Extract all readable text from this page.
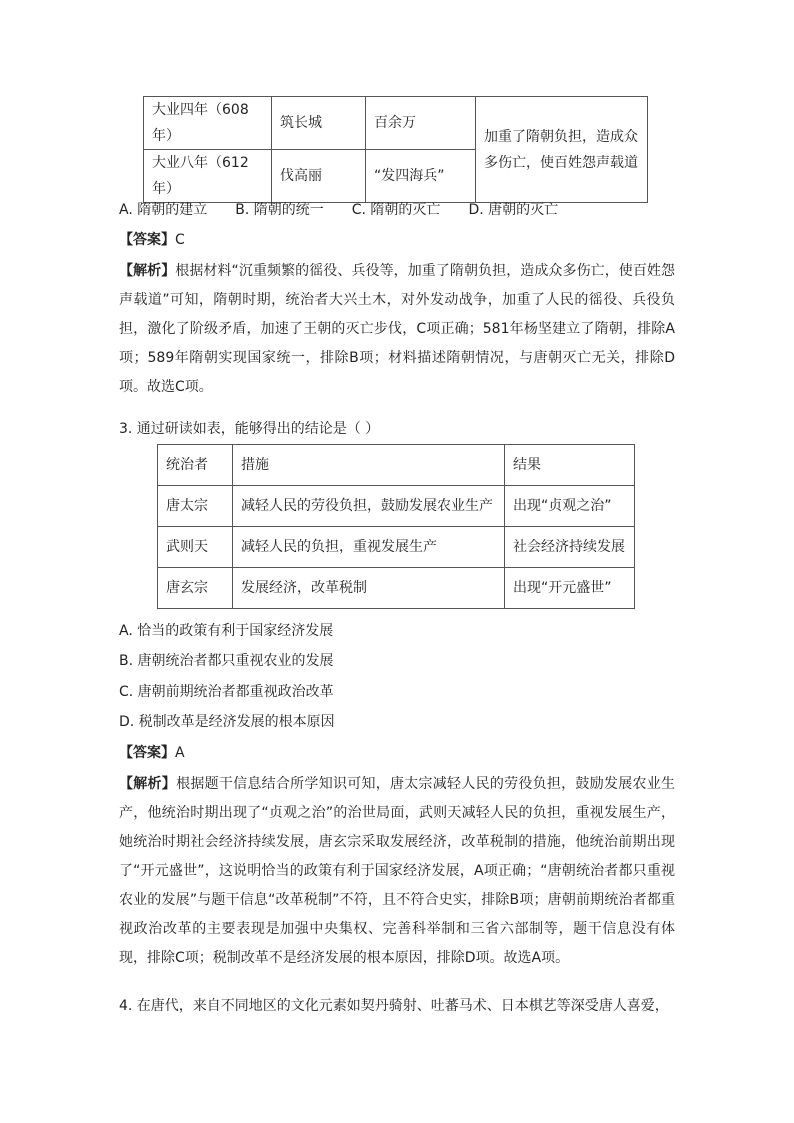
大业四年（608年）	筑长城	百余万	加重了隋朝负担，造成众多伤亡，使百姓怨声载道
大业八年（612年）	伐高丽	“发四海兵”	
A. 隋朝的建立 B. 隋朝的统一 C. 隋朝的灭亡 D. 唐朝的灭亡
【答案】C
【解析】根据材料“沉重频繁的徭役、兵役等，加重了隋朝负担，造成众多伤亡，使百姓怨声载道”可知，隋朝时期，统治者大兴土木，对外发动战争，加重了人民的徭役、兵役负担，激化了阶级矛盾，加速了王朝的灭亡步伐，C项正确；581年杨坚建立了隋朝，排除A项；589年隋朝实现国家统一，排除B项；材料描述隋朝情况，与唐朝灭亡无关，排除D项。故选C项。
3. 通过研读如表，能够得出的结论是（ ）
统治者	措施	结果
唐太宗	减轻人民的劳役负担，鼓励发展农业生产	出现“贞观之治”
武则天	减轻人民的负担，重视发展生产	社会经济持续发展
唐玄宗	发展经济，改革税制	出现“开元盛世”
A. 恰当的政策有利于国家经济发展
B. 唐朝统治者都只重视农业的发展
C. 唐朝前期统治者都重视政治改革
D. 税制改革是经济发展的根本原因
【答案】A
【解析】根据题干信息结合所学知识可知，唐太宗减轻人民的劳役负担，鼓励发展农业生产，他统治时期出现了“贞观之治”的治世局面，武则天减轻人民的负担，重视发展生产，她统治时期社会经济持续发展，唐玄宗采取发展经济，改革税制的措施，他统治前期出现了“开元盛世”，这说明恰当的政策有利于国家经济发展，A项正确；“唐朝统治者都只重视农业的发展”与题干信息“改革税制”不符，且不符合史实，排除B项；唐朝前期统治者都重视政治改革的主要表现是加强中央集权、完善科举制和三省六部制等，题干信息没有体现，排除C项；税制改革不是经济发展的根本原因，排除D项。故选A项。
4. 在唐代，来自不同地区的文化元素如契丹骑射、吐蕃马术、日本棋艺等深受唐人喜爱，
